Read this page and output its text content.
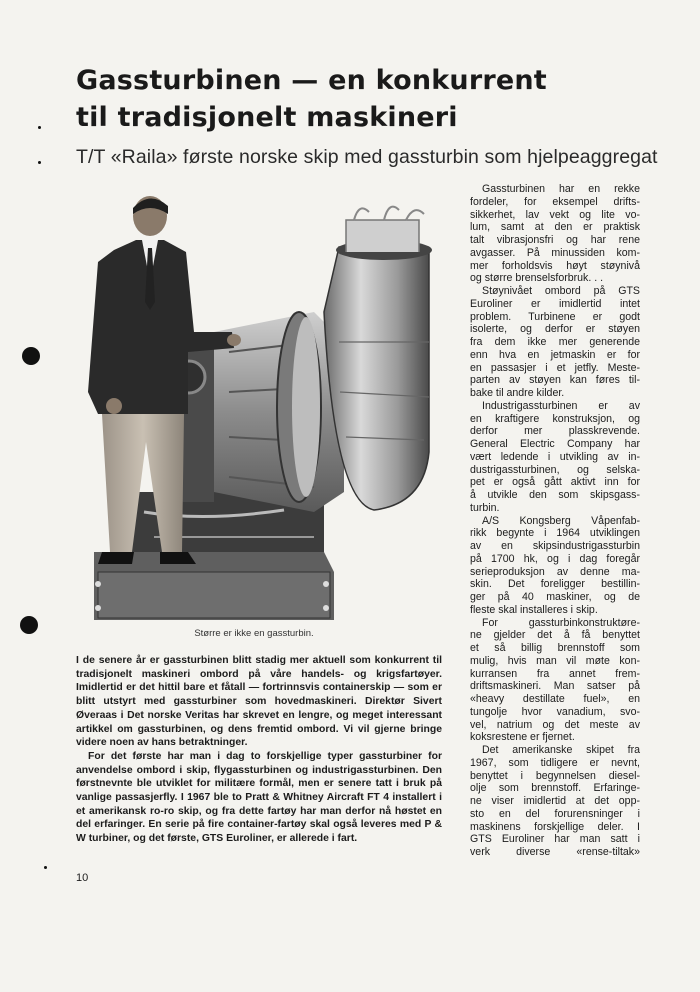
Gassturbinen — en konkurrent
til tradisjonelt maskineri
T/T «Raila» første norske skip med gassturbin som hjelpeaggregat
Større er ikke en gassturbin.

I de senere år er gassturbinen blitt stadig mer aktuell som konkurrent til tradisjonelt maskineri ombord på våre handels- og krigsfartøyer. Imidlertid er det hittil bare et fåtall — fortrinnsvis containerskip — som er blitt utstyrt med gassturbiner som hovedmaskineri. Direktør Sivert Øveraas i Det norske Veritas har skrevet en lengre, og meget interessant artikkel om gassturbinen, og dens fremtid ombord. Vi vil gjerne bringe videre noen av hans betraktninger.

For det første har man i dag to forskjellige typer gassturbiner for anvendelse ombord i skip, flygassturbinen og industrigassturbinen. Den førstnevnte ble utviklet for militære formål, men er senere tatt i bruk på vanlige passasjerfly. I 1967 ble to Pratt & Whitney Aircraft FT 4 installert i et amerikansk ro-ro skip, og fra dette fartøy har man derfor nå høstet en del erfaringer. En serie på fire container-fartøy skal også leveres med P & W turbiner, og det første, GTS Euroliner, er allerede i fart.

Gassturbinen har en rekke
fordeler, for eksempel drifts-
sikkerhet, lav vekt og lite vo-
lum, samt at den er praktisk
talt vibrasjonsfri og har rene
avgasser. På minussiden kom-
mer forholdsvis høyt støynivå
og større brenselsforbruk. . .
Støynivået ombord på GTS
Euroliner er imidlertid intet
problem. Turbinene er godt
isolerte, og derfor er støyen
fra dem ikke mer generende
enn hva en jetmaskin er for
en passasjer i et jetfly. Meste-
parten av støyen kan føres til-
bake til andre kilder.
Industrigassturbinen er av
en kraftigere konstruksjon, og
derfor mer plasskrevende.
General Electric Company har
vært ledende i utvikling av in-
dustrigassturbinen, og selska-
pet er også gått aktivt inn for
å utvikle den som skipsgass-
turbin.
A/S Kongsberg Våpenfab-
rikk begynte i 1964 utviklingen
av en skipsindustrigassturbin
på 1700 hk, og i dag foregår
serieproduksjon av denne ma-
skin. Det foreligger bestillin-
ger på 40 maskiner, og de
fleste skal installeres i skip.
For gassturbinkonstruktøre-
ne gjelder det å få benyttet
et så billig brennstoff som
mulig, hvis man vil møte kon-
kurransen fra annet frem-
driftsmaskineri. Man satser på
«heavy destillate fuel», en
tungolje hvor vanadium, svo-
vel, natrium og det meste av
koksrestene er fjernet.
Det amerikanske skipet fra
1967, som tidligere er nevnt,
benyttet i begynnelsen diesel-
olje som brennstoff. Erfaringe-
ne viser imidlertid at det opp-
sto en del forurensninger i
maskinens forskjellige deler. I
GTS Euroliner har man satt i
verk diverse «rense-tiltak»
10
